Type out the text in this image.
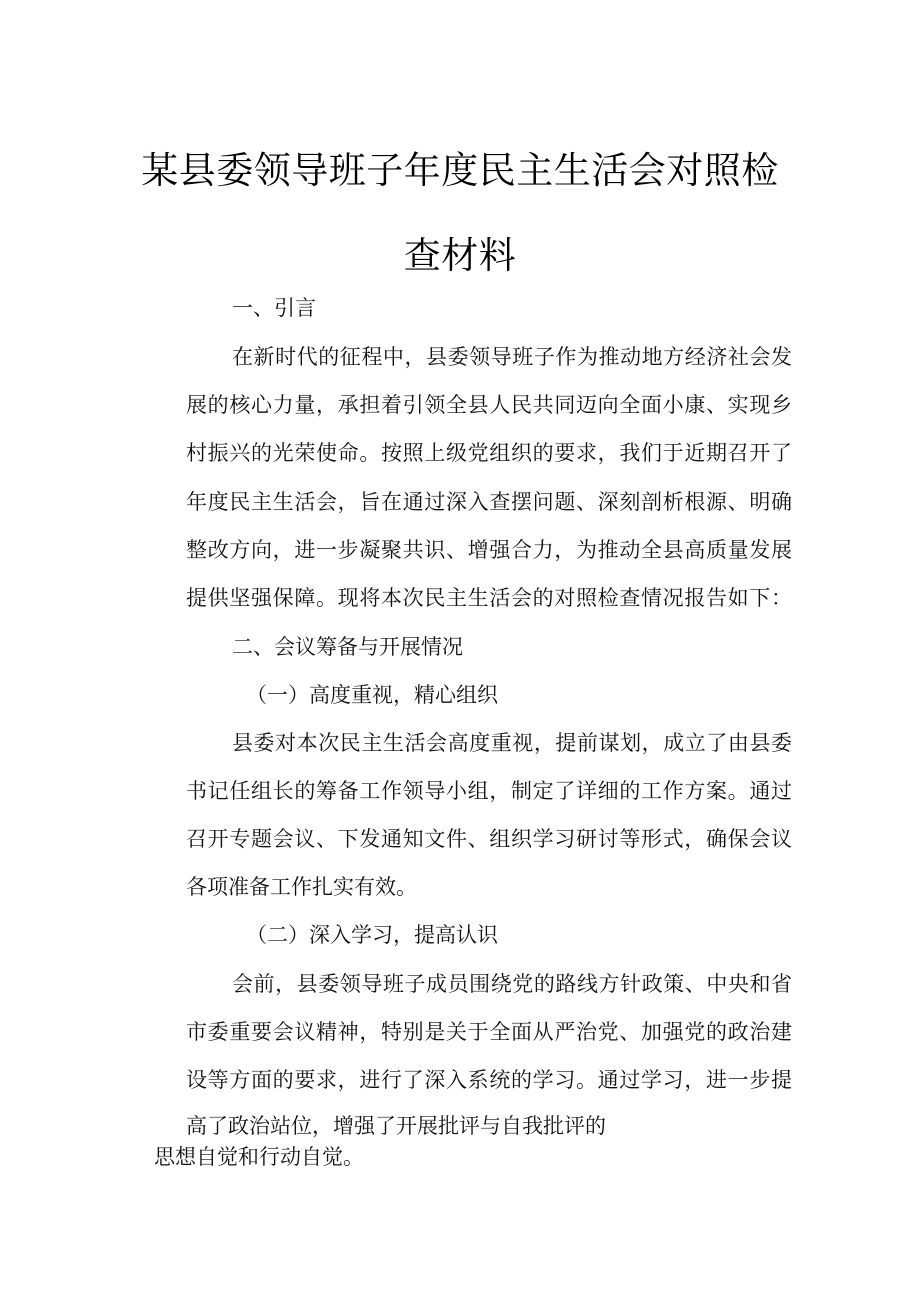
某县委领导班子年度民主生活会对照检
查材料
一、引言
在新时代的征程中，县委领导班子作为推动地方经济社会发
展的核心力量，承担着引领全县人民共同迈向全面小康、实现乡
村振兴的光荣使命。按照上级党组织的要求，我们于近期召开了
年度民主生活会，旨在通过深入查摆问题、深刻剖析根源、明确
整改方向，进一步凝聚共识、增强合力，为推动全县高质量发展
提供坚强保障。现将本次民主生活会的对照检查情况报告如下：
二、会议筹备与开展情况
（一）高度重视，精心组织
县委对本次民主生活会高度重视，提前谋划，成立了由县委
书记任组长的筹备工作领导小组，制定了详细的工作方案。通过
召开专题会议、下发通知文件、组织学习研讨等形式，确保会议
各项准备工作扎实有效。
（二）深入学习，提高认识
会前，县委领导班子成员围绕党的路线方针政策、中央和省
市委重要会议精神，特别是关于全面从严治党、加强党的政治建
设等方面的要求，进行了深入系统的学习。通过学习，进一步提
高了政治站位，增强了开展批评与自我批评的
思想自觉和行动自觉。
